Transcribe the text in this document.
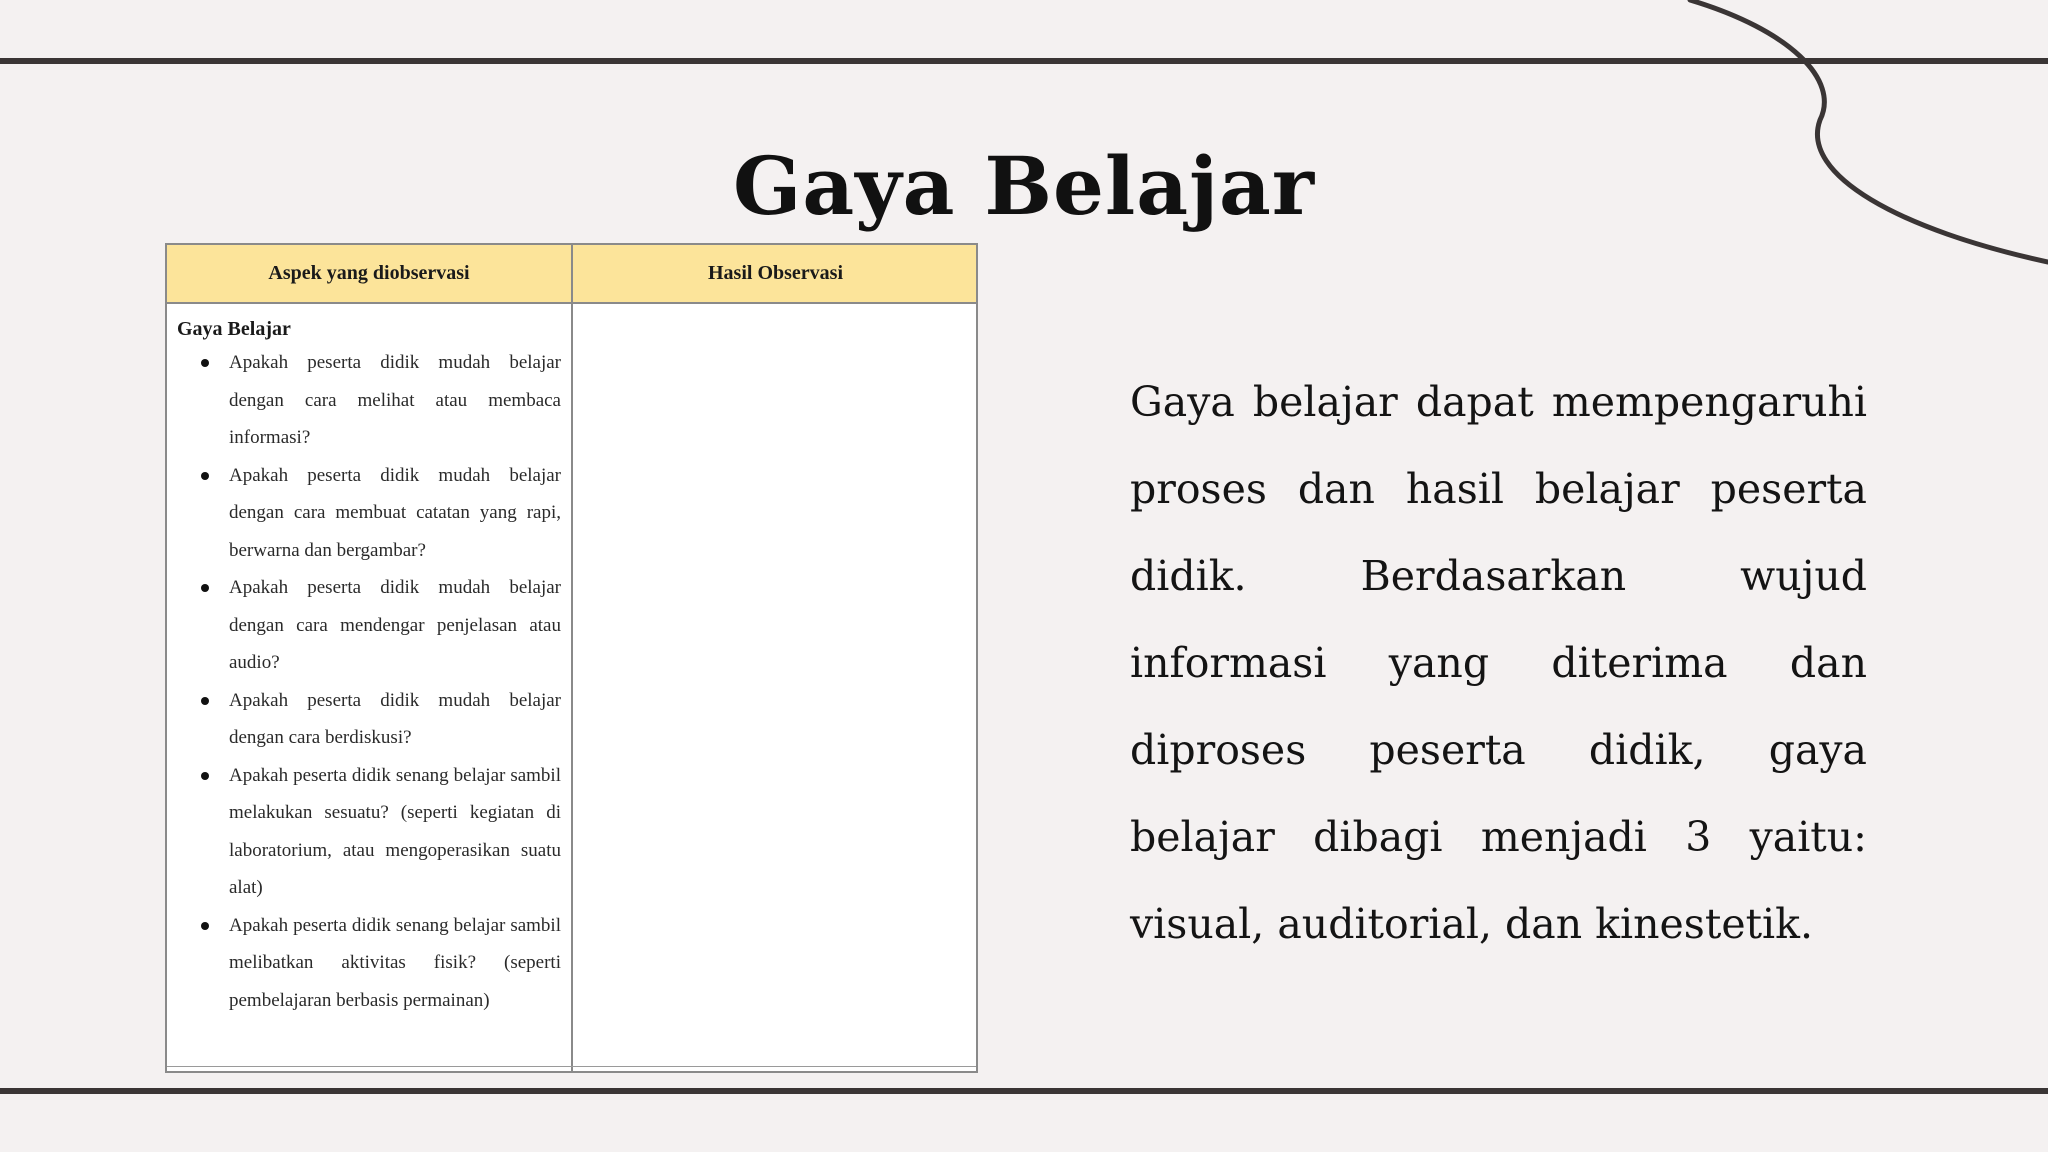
Gaya Belajar
Aspek yang diobservasi	Hasil Observasi
Gaya Belajar
Apakah peserta didik mudah belajar dengan cara melihat atau membaca informasi?
Apakah peserta didik mudah belajar dengan cara membuat catatan yang rapi, berwarna dan bergambar?
Apakah peserta didik mudah belajar dengan cara mendengar penjelasan atau audio?
Apakah peserta didik mudah belajar dengan cara berdiskusi?
Apakah peserta didik senang belajar sambil melakukan sesuatu? (seperti kegiatan di laboratorium, atau mengoperasikan suatu alat)
Apakah peserta didik senang belajar sambil melibatkan aktivitas fisik? (seperti pembelajaran berbasis permainan)

Gaya belajar dapat mempengaruhi proses dan hasil belajar peserta didik. Berdasarkan wujud informasi yang diterima dan diproses peserta didik, gaya belajar dibagi menjadi 3 yaitu: visual, auditorial, dan kinestetik.
